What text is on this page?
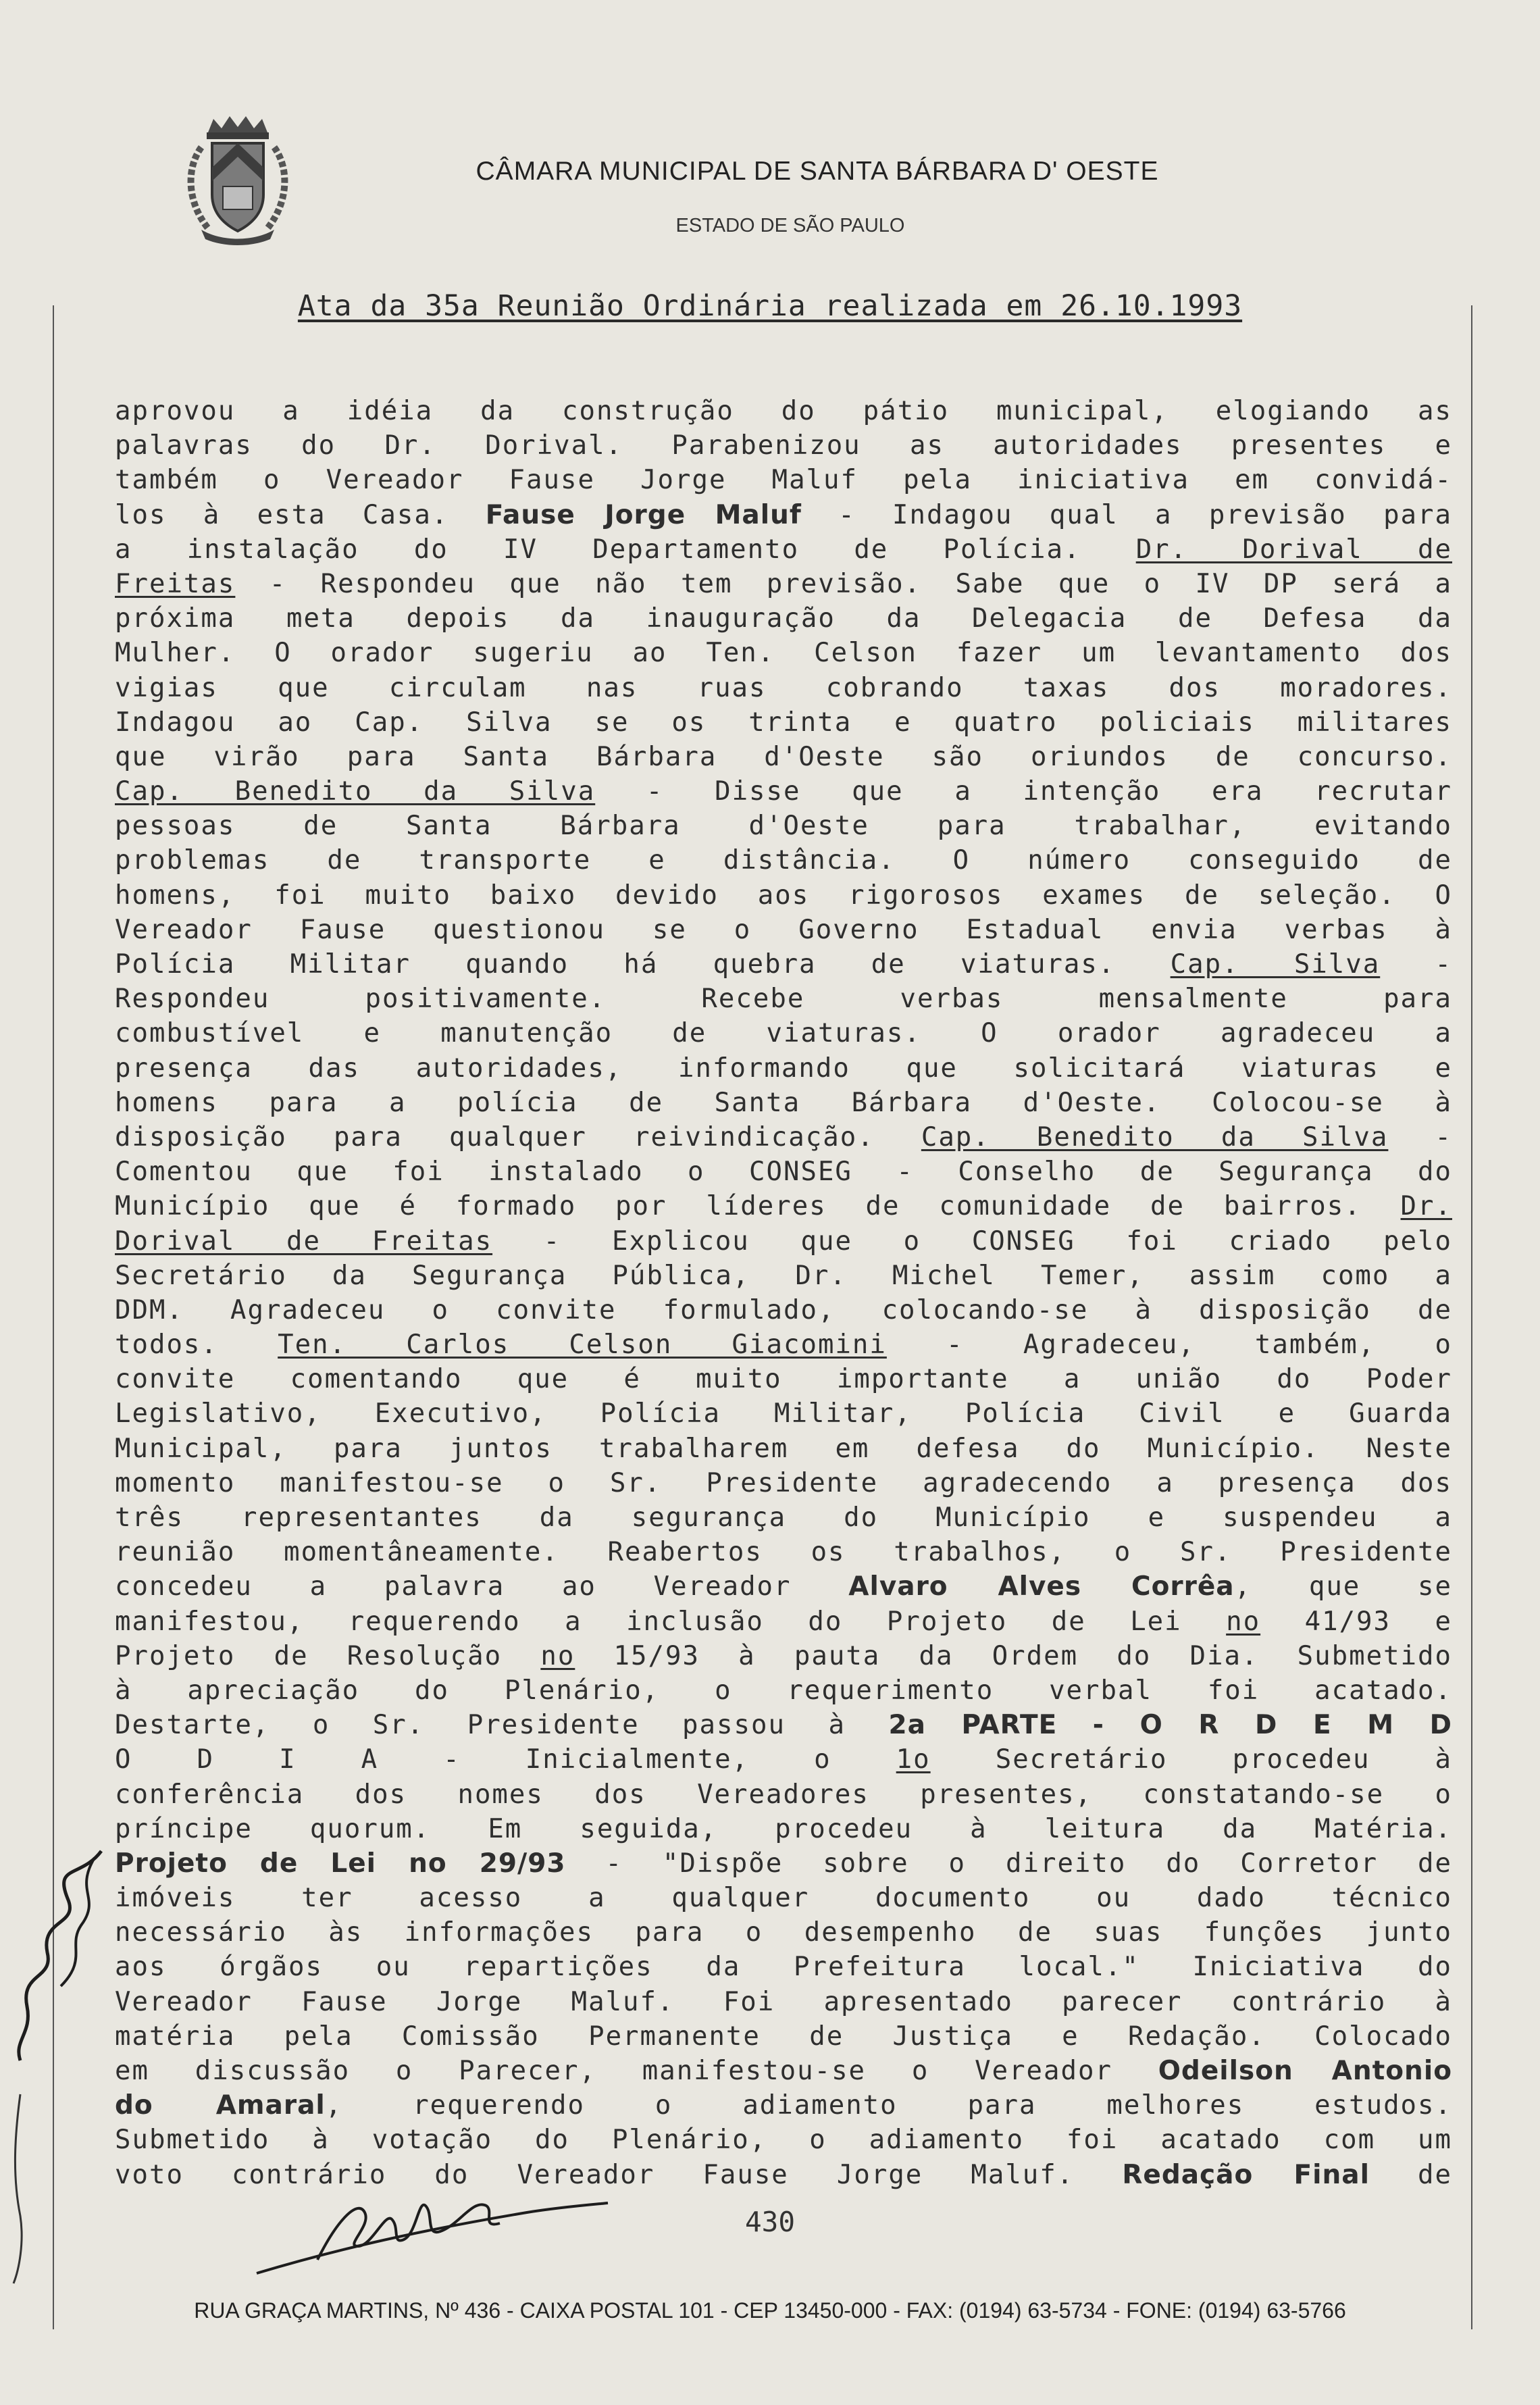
CÂMARA MUNICIPAL DE SANTA BÁRBARA D' OESTE
ESTADO DE SÃO PAULO
Ata da 35a Reunião Ordinária realizada em 26.10.1993
aprovou a idéia da construção do pátio municipal, elogiando as
palavras do Dr. Dorival. Parabenizou as autoridades presentes e
também o Vereador Fause Jorge Maluf pela iniciativa em convidá-
los à esta Casa. Fause Jorge Maluf - Indagou qual a previsão para
a instalação do IV Departamento de Polícia. Dr. Dorival de
Freitas - Respondeu que não tem previsão. Sabe que o IV DP será a
próxima meta depois da inauguração da Delegacia de Defesa da
Mulher. O orador sugeriu ao Ten. Celson fazer um levantamento dos
vigias que circulam nas ruas cobrando taxas dos moradores.
Indagou ao Cap. Silva se os trinta e quatro policiais militares
que virão para Santa Bárbara d'Oeste são oriundos de concurso.
Cap. Benedito da Silva - Disse que a intenção era recrutar
pessoas de Santa Bárbara d'Oeste para trabalhar, evitando
problemas de transporte e distância. O número conseguido de
homens, foi muito baixo devido aos rigorosos exames de seleção. O
Vereador Fause questionou se o Governo Estadual envia verbas à
Polícia Militar quando há quebra de viaturas. Cap. Silva -
Respondeu positivamente. Recebe verbas mensalmente para
combustível e manutenção de viaturas. O orador agradeceu a
presença das autoridades, informando que solicitará viaturas e
homens para a polícia de Santa Bárbara d'Oeste. Colocou-se à
disposição para qualquer reivindicação. Cap. Benedito da Silva -
Comentou que foi instalado o CONSEG - Conselho de Segurança do
Município que é formado por líderes de comunidade de bairros. Dr.
Dorival de Freitas - Explicou que o CONSEG foi criado pelo
Secretário da Segurança Pública, Dr. Michel Temer, assim como a
DDM. Agradeceu o convite formulado, colocando-se à disposição de
todos. Ten. Carlos Celson Giacomini - Agradeceu, também, o
convite comentando que é muito importante a união do Poder
Legislativo, Executivo, Polícia Militar, Polícia Civil e Guarda
Municipal, para juntos trabalharem em defesa do Município. Neste
momento manifestou-se o Sr. Presidente agradecendo a presença dos
três representantes da segurança do Município e suspendeu a
reunião momentâneamente. Reabertos os trabalhos, o Sr. Presidente
concedeu a palavra ao Vereador Alvaro Alves Corrêa, que se
manifestou, requerendo a inclusão do Projeto de Lei no 41/93 e
Projeto de Resolução no 15/93 à pauta da Ordem do Dia. Submetido
à apreciação do Plenário, o requerimento verbal foi acatado.
Destarte, o Sr. Presidente passou à 2a PARTE - O R D E M D
O D I A - Inicialmente, o 1o Secretário procedeu à
conferência dos nomes dos Vereadores presentes, constatando-se o
príncipe quorum. Em seguida, procedeu à leitura da Matéria.
Projeto de Lei no 29/93 - "Dispõe sobre o direito do Corretor de
imóveis ter acesso a qualquer documento ou dado técnico
necessário às informações para o desempenho de suas funções junto
aos órgãos ou repartições da Prefeitura local." Iniciativa do
Vereador Fause Jorge Maluf. Foi apresentado parecer contrário à
matéria pela Comissão Permanente de Justiça e Redação. Colocado
em discussão o Parecer, manifestou-se o Vereador Odeilson Antonio
do Amaral, requerendo o adiamento para melhores estudos.
Submetido à votação do Plenário, o adiamento foi acatado com um
voto contrário do Vereador Fause Jorge Maluf. Redação Final de
430
RUA GRAÇA MARTINS, Nº 436 - CAIXA POSTAL 101 - CEP 13450-000 - FAX: (0194) 63-5734 - FONE: (0194) 63-5766
